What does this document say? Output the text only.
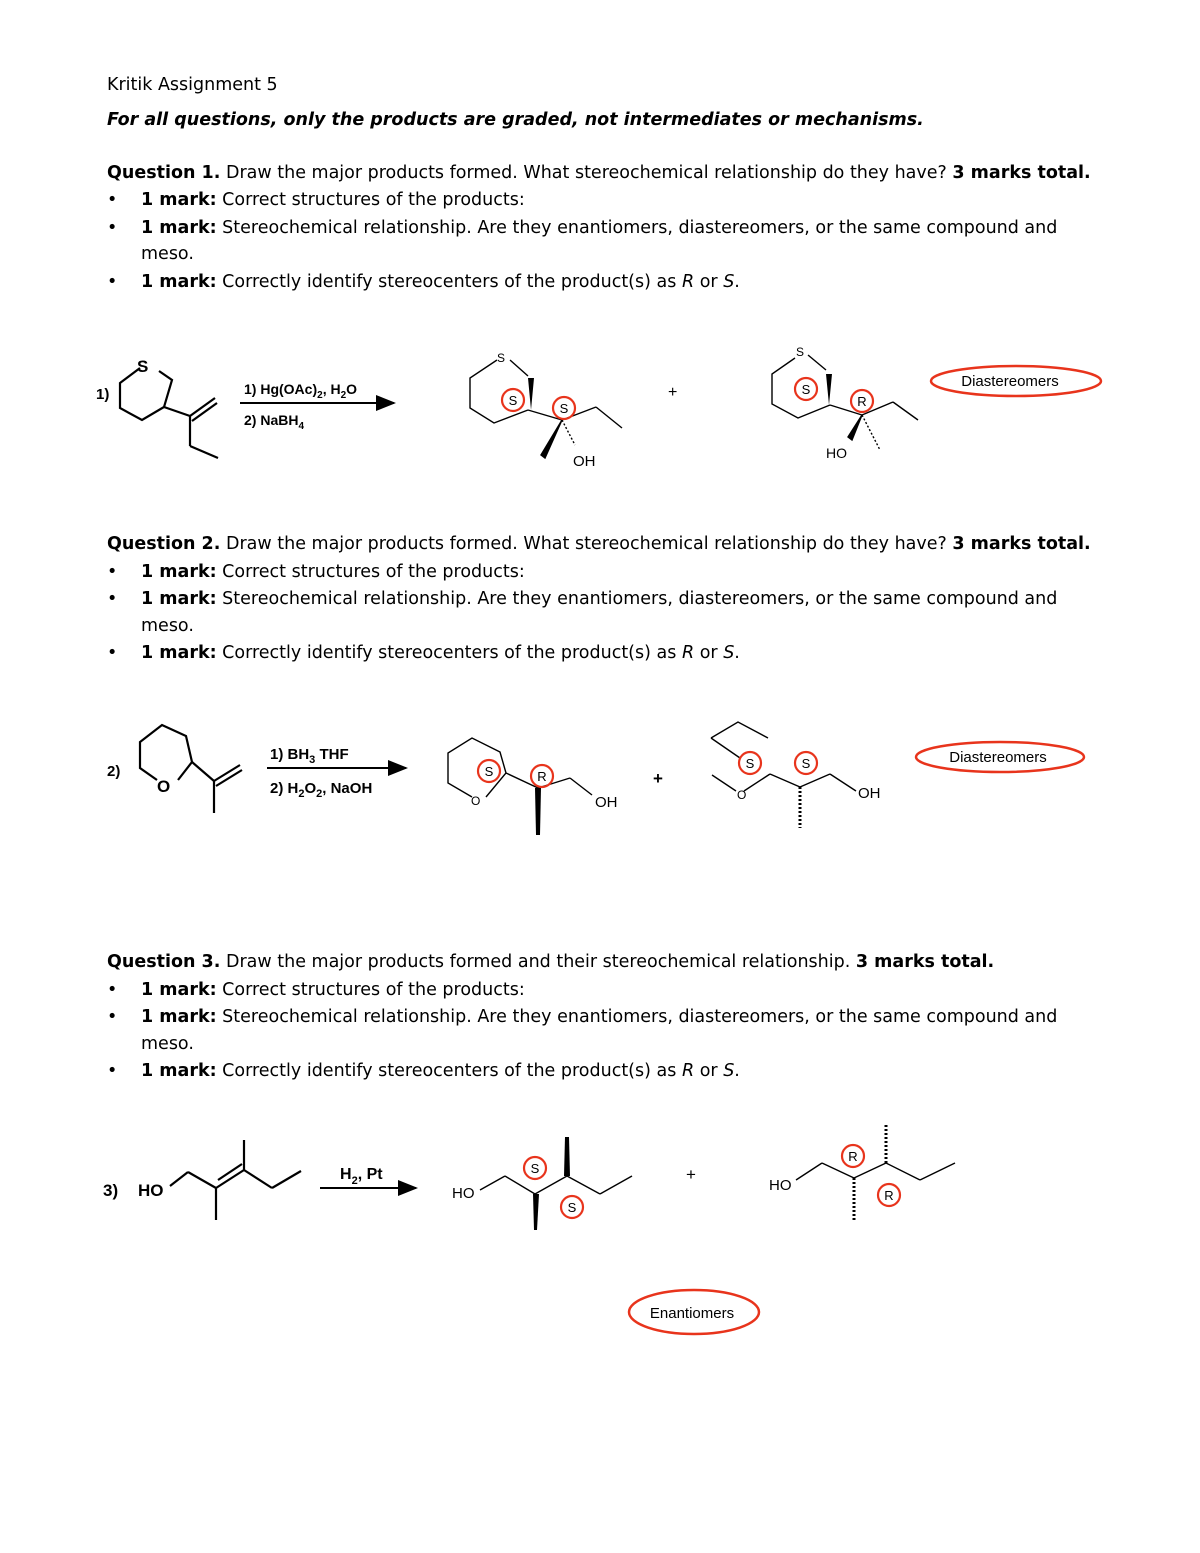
Kritik Assignment 5
For all questions, only the products are graded, not intermediates or mechanisms.
Question 1. Draw the major products formed. What stereochemical relationship do they have? 3 marks total.
• 1 mark: Correct structures of the products:
• 1 mark: Stereochemical relationship. Are they enantiomers, diastereomers, or the same compound and
meso.
• 1 mark: Correctly identify stereocenters of the product(s) as R or S.
Question 2. Draw the major products formed. What stereochemical relationship do they have? 3 marks total.
• 1 mark: Correct structures of the products:
• 1 mark: Stereochemical relationship. Are they enantiomers, diastereomers, or the same compound and
meso.
• 1 mark: Correctly identify stereocenters of the product(s) as R or S.
Question 3. Draw the major products formed and their stereochemical relationship. 3 marks total.
• 1 mark: Correct structures of the products:
• 1 mark: Stereochemical relationship. Are they enantiomers, diastereomers, or the same compound and
meso.
• 1 mark: Correctly identify stereocenters of the product(s) as R or S.
1)
S
1) $Hg(OAc)_2$, $H_2O$
2) NaBH$_4$
S
OH
S
S
+
S
HO
S
R
Diastereomers
2)
O
1) $BH_3$ THF
2) $H_2O_2$, NaOH
O	OH
S	R	+
O	OH
S	S	Diastereomers
3) HO
$H_2$, Pt
HO
S
S
+
HO
R
R
Enantiomers
